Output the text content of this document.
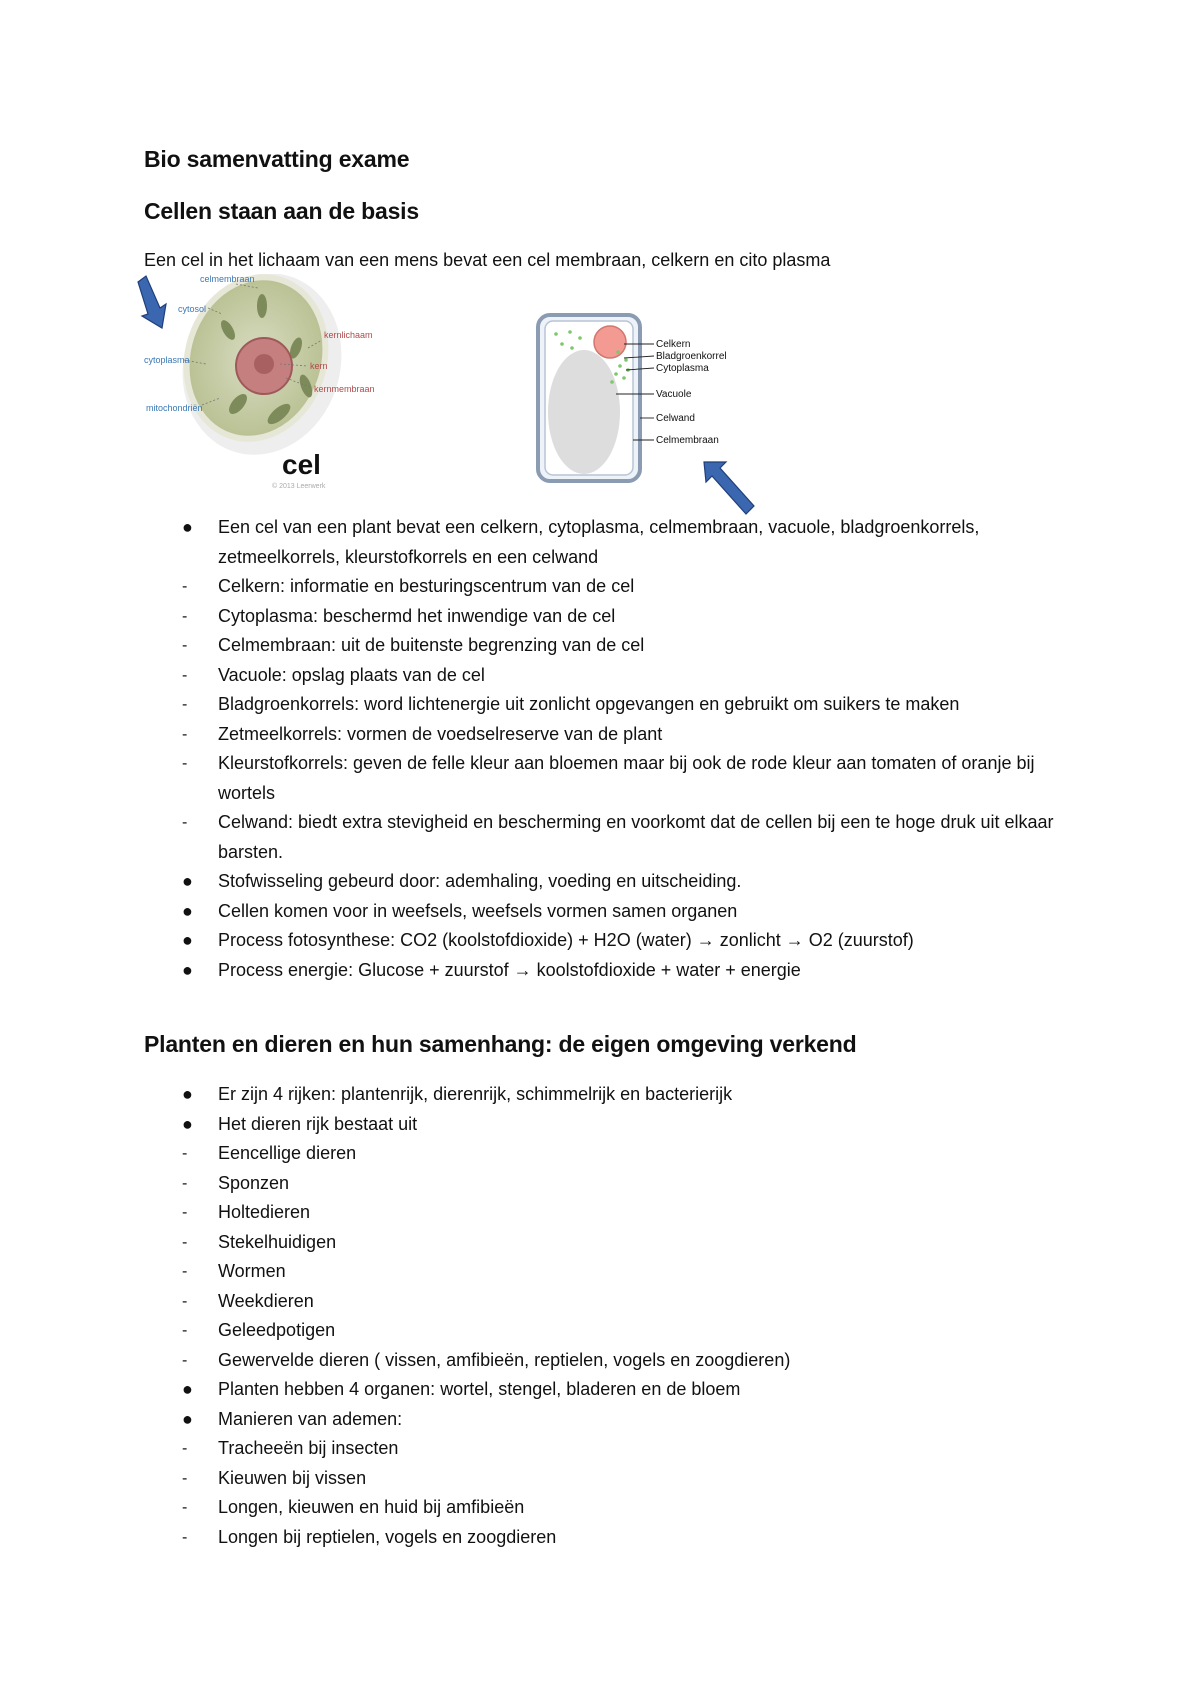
Bio samenvatting exame
Cellen staan aan de basis

Een cel in het lichaam van een mens bevat een cel membraan, celkern en cito plasma

celmembraan
cytosol
cytoplasma
mitochondriën
kernlichaam
kern
kernmembraan
cel
© 2013 Leerwerk
Celkern
Bladgroenkorrel
Cytoplasma
Vacuole
Celwand
Celmembraan
●	Een cel van een plant bevat een celkern, cytoplasma, celmembraan, vacuole, bladgroenkorrels, zetmeelkorrels, kleurstofkorrels en een celwand
-	Celkern: informatie en besturingscentrum van de cel
-	Cytoplasma: beschermd het inwendige van de cel
-	Celmembraan: uit de buitenste begrenzing van de cel
-	Vacuole: opslag plaats van de cel
-	Bladgroenkorrels: word lichtenergie uit zonlicht opgevangen en gebruikt om suikers te maken
-	Zetmeelkorrels: vormen de voedselreserve van de plant
-	Kleurstofkorrels: geven de felle kleur aan bloemen maar bij ook de rode kleur aan tomaten of oranje bij wortels
-	Celwand: biedt extra stevigheid en bescherming en voorkomt dat de cellen bij een te hoge druk uit elkaar barsten.
●	Stofwisseling gebeurd door: ademhaling, voeding en uitscheiding.
●	Cellen komen voor in weefsels, weefsels vormen samen organen
●	Process fotosynthese: CO2 (koolstofdioxide) + H2O (water) → zonlicht → O2 (zuurstof)
●	Process energie: Glucose + zuurstof → koolstofdioxide + water + energie
Planten en dieren en hun samenhang: de eigen omgeving verkend
●	Er zijn 4 rijken: plantenrijk, dierenrijk, schimmelrijk en bacterierijk
●	Het dieren rijk bestaat uit
-	Eencellige dieren
-	Sponzen
-	Holtedieren
-	Stekelhuidigen
-	Wormen
-	Weekdieren
-	Geleedpotigen
-	Gewervelde dieren ( vissen, amfibieën, reptielen, vogels en zoogdieren)
●	Planten hebben 4 organen: wortel, stengel, bladeren en de bloem
●	Manieren van ademen:
-	Tracheeën bij insecten
-	Kieuwen bij vissen
-	Longen, kieuwen en huid bij amfibieën
-	Longen bij reptielen, vogels en zoogdieren
